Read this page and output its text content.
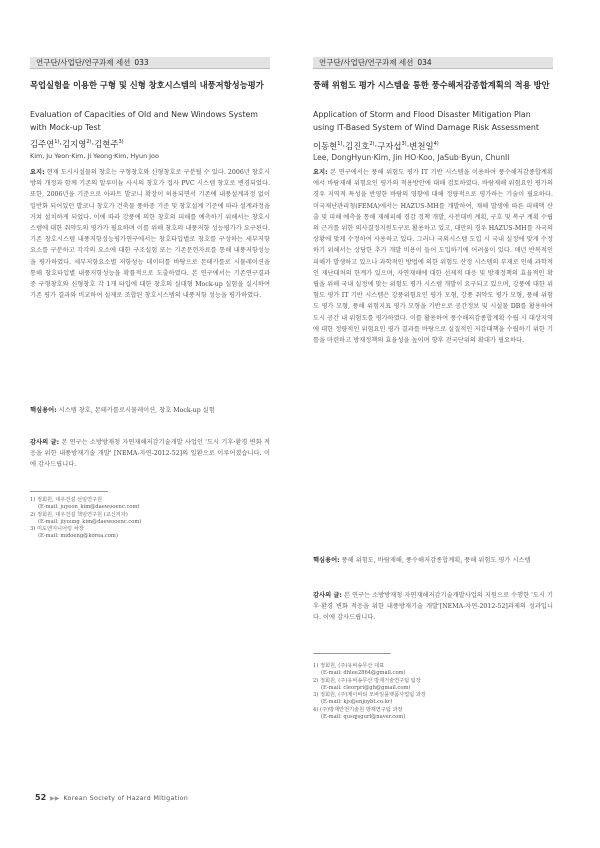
연구단/사업단/연구과제 세션 033
목업실험을 이용한 구형 및 신형 창호시스템의 내풍저항성능평가
Evaluation of Capacities of Old and New Windows System with Mock-up Test
김주연$^{1)}$·김지영$^{2)}$·김현주$^{3)}$
Kim, Ju Yeon·Kim, Ji Yeong·Kim, Hyun Joo
요지: 현재 도시시설물의 창호는 구형창호와 신형창호로 구분될 수 있다. 2006년 창호시방의 개정과 함께 기존의 알루미늄 사시의 창호가 접자 PVC 시스템 창호로 변경되었다. 또한, 2006년을 기준으로 아파트 발코니 확장이 허용되면서 기존에 내풍설계과정 없이 일반화 되어있던 발코니 창호가 건축물 풍하중 기준 및 창호설계 기준에 따라 설계과정을 거쳐 설치하게 되었다. 이에 따라 강풍에 의한 창호의 피해를 예측하기 위해서는 창호시스템에 대한 취약도의 평가가 필요하며 이를 위해 창호의 내풍저항 성능평가가 요구된다. 기존 창호시스템 내풍저항성능평가연구에서는 창호타입별로 창호를 구성하는 세부저항요소를 구분하고 각각의 요소에 대한 구조실험 또는 기존문헌자료를 통해 내풍저항성능을 평가하였다. 세부저항요소별 저항성능 데이터를 바탕으로 몬테카를로 시뮬레이션을 통해 창호타입별 내풍저항성능을 확률적으로 도출하였다. 본 연구에서는 기존연구결과 중 구형창호와 신형창호 각 1개 타입에 대한 창호의 실대형 Mock-up 실험을 실시하여 기존 평가 결과와 비교하여 실제로 조합된 창호시스템의 내풍저항 성능을 평가하였다.
핵심용어: 시스템 창호, 몬테카를로시뮬레이션, 창호 Mock-up 실험
감사의 글: 본 연구는 소방방재청 자연재해저감기술개발 사업인 '도시 기후·환경 변화 적응을 위한 내풍방재기술 개발' [NEMA-자연-2012-52]의 일환으로 이루어졌습니다. 이에 감사드립니다.
1) 정회원, 대우건설 선임연구원
(E-mail: juyeon_kim@daewooenc.com)
2) 정회원, 대우건설 책임연구원 (교신저자)
(E-mail: jiyoung_kim@daewooenc.com)
3) 미도엔지니어링 차장
(E-mail: midoeng@korea.com)
연구단/사업단/연구과제 세션 034
풍해 위험도 평가 시스템을 통한 풍수해저감종합계획의 적용 방안
Application of Storm and Flood Disaster Mitigation Plan using IT-Based System of Wind Damage Risk Assessment
이동현$^{1)}$·김진호$^{2)}$·구자섭$^{3)}$·변천일$^{4)}$
Lee, DongHyun·Kim, Jin HO·Koo, JaSub·Byun, ChunIl
요지: 본 연구에서는 풍해 위험도 평가 IT 기반 시스템을 이용하여 풍수해저감종합계획에서 바람재해 위험요인 평가의 적용방안에 대해 검토하였다. 바람재해 위험요인 평가의 경우 지역적 특성을 반영한 바람의 영향에 대해 정량적으로 평가하는 기술이 필요하다. 미국재난관리청(FEMA)에서는 HAZUS-MH를 개발하여, 재해 발생에 따른 피해액 산출 및 피해 예측을 통해 재해피해 경감 정책 개발, 사전대비 계획, 구호 및 복구 계획 수립의 근거를 위한 의사결정지원도구로 활용하고 있고, 대만의 경우 HAZUS-MH를 자국의 상황에 맞게 수정하여 사용하고 있다. 그러나 국외시스템 도입 시 국내 실정에 맞게 수정하기 위해서는 상당한 추가 개발 비용이 들어 도입하기에 어려움이 있다. 매년 반복적인 피해가 발생하고 있으나 과학적인 방법에 의한 위험도 산정 시스템의 부재로 인해 과학적인 재난대처의 한계가 있으며, 자연재해에 대한 선제적 대응 및 방재정책의 효율적인 확립을 위해 국내 실정에 맞는 위험도 평가 시스템 개발이 요구되고 있으며, 강풍에 대한 위험도 평가 IT 기반 시스템은 강풍위험요인 평가 모형, 강풍 취약도 평가 모형, 풍해 위험도 평가 모형, 풍해 위험지표 평가 모형을 기반으로 공간정보 및 시설물 DB를 활용하여 도시 공간 내 위험도를 평가하였다. 이를 활용하여 풍수해저감종합계획 수립 시 대상지역에 대한 정량적인 위험요인 평가 결과를 바탕으로 실질적인 저감대책을 수립하기 위한 기틀을 마련하고 방재정책의 효율성을 높이며 향후 전국단위의 확대가 필요하다.
핵심용어: 풍해 위험도, 바람재해, 풍수해저감종합계획, 풍해 위험도 평가 시스템
감사의 글: 본 연구는 소방방재청 자연재해저감기술개발사업의 지원으로 수행한 '도시 기후·환경 변화 적응을 위한 내풍방재기술 개발'[NEMA-자연-2012-52]과제의 성과입니다. 이에 감사드립니다.
1) 정회원, (주)유비송무산 대표
(E-mail: dhlee2864@gmail.com)
2) 정회원, (주)유비송무산 방재기술연구팀 팀장
(E-mail: cleorpri@gh@gmail.com)
3) 정회원, (주)제이비티 모바일플랫폼사업팀 과장
(E-mail: kjs@enjoybt.co.kr)
4) (주)방재안전기술원 방재연구팀 과장
(E-mail: qusqjsgurl@naver.com)
52 ▶▶ Korean Society of Hazard Mitigation
